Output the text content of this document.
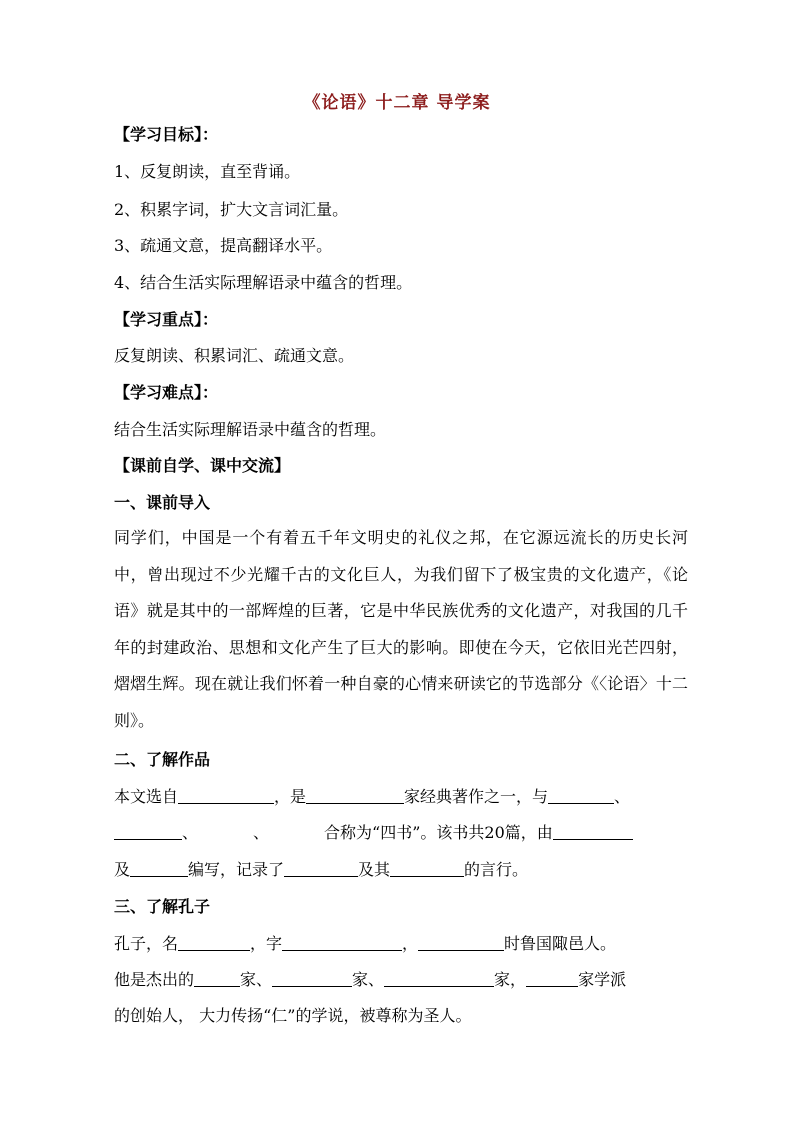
《论语》十二章 导学案
【学习目标】：
1、反复朗读，直至背诵。
2、积累字词，扩大文言词汇量。
3、疏通文意，提高翻译水平。
4、结合生活实际理解语录中蕴含的哲理。
【学习重点】：
反复朗读、积累词汇、疏通文意。
【学习难点】：
结合生活实际理解语录中蕴含的哲理。
【课前自学、课中交流】
一、课前导入
同学们，中国是一个有着五千年文明史的礼仪之邦，在它源远流长的历史长河中，曾出现过不少光耀千古的文化巨人，为我们留下了极宝贵的文化遗产，《论语》就是其中的一部辉煌的巨著，它是中华民族优秀的文化遗产，对我国的几千年的封建政治、思想和文化产生了巨大的影响。即使在今天，它依旧光芒四射，熠熠生辉。现在就让我们怀着一种自豪的心情来研读它的节选部分《〈论语〉十二则》。
二、了解作品
本文选自	，是	家经典著作之一，与	、
、	、	合称为“四书”。该书共20篇，由
及	编写，记录了	及其	的言行。
三、了解孔子
孔子，名	，字	，	时鲁国陬邑人。
他是杰出的	家、	家、	家，	家学派
的创始人， 大力传扬“仁”的学说，被尊称为圣人。
